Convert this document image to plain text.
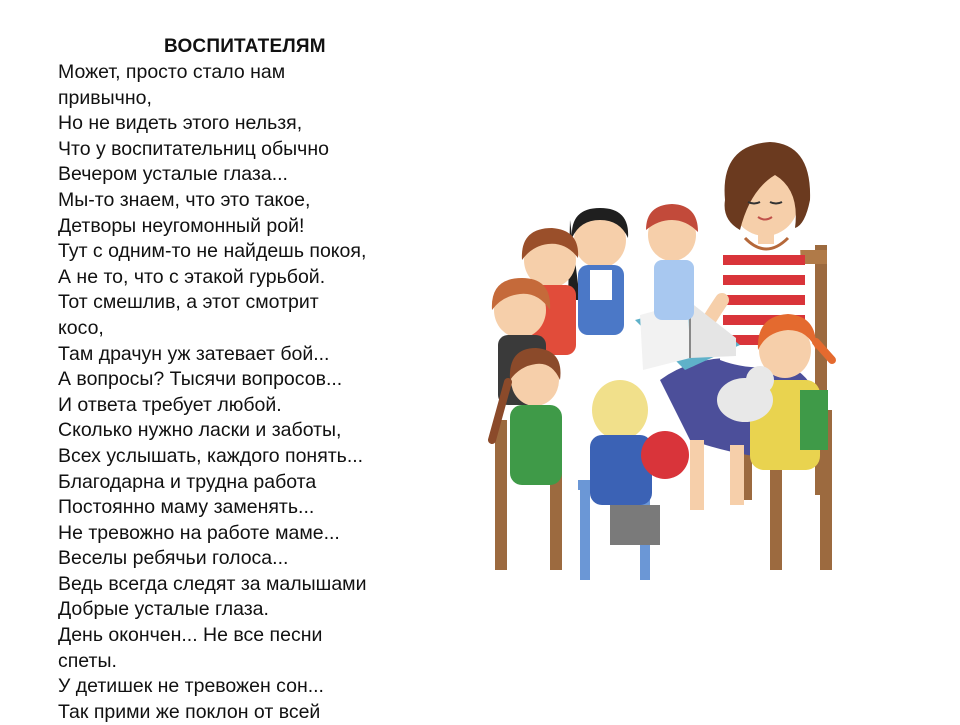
ВОСПИТАТЕЛЯМ
Может, просто стало нам
привычно,
Но не видеть этого нельзя,
Что у воспитательниц обычно
Вечером усталые глаза...
Мы-то знаем, что это такое,
Детворы неугомонный рой!
Тут с одним-то не найдешь покоя,
А не то, что с этакой гурьбой.
Тот смешлив, а этот смотрит
косо,
Там драчун уж затевает бой...
А вопросы? Тысячи вопросов...
И ответа требует любой.
Сколько нужно ласки и заботы,
Всех услышать, каждого понять...
Благодарна и трудна работа
Постоянно маму заменять...
Не тревожно на работе маме...
Веселы ребячьи голоса...
Ведь всегда следят за малышами
Добрые усталые глаза.
День окончен... Не все песни
спеты.
У детишек не тревожен сон...
Так прими же поклон от всей
